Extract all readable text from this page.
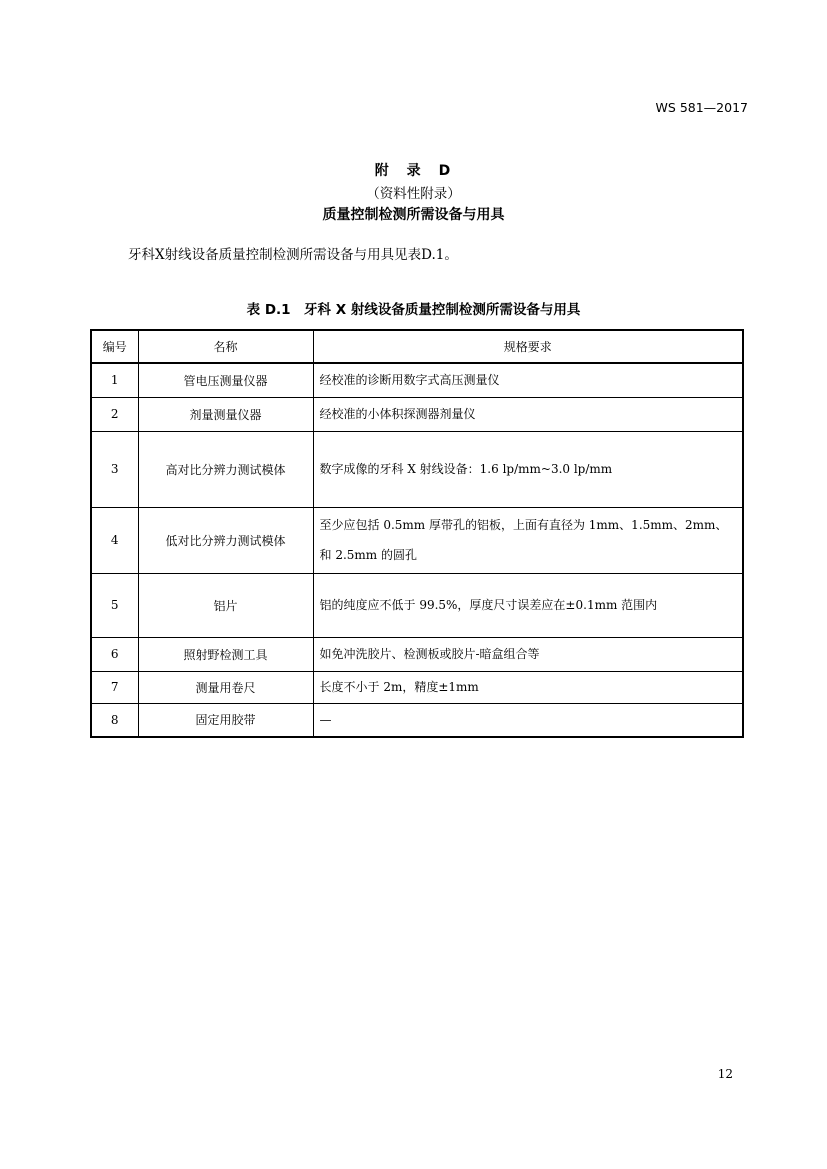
WS 581—2017
附　录　D
（资料性附录）
质量控制检测所需设备与用具
牙科X射线设备质量控制检测所需设备与用具见表D.1。
表 D.1　牙科 X 射线设备质量控制检测所需设备与用具
编号	名称	规格要求
1	管电压测量仪器	经校准的诊断用数字式高压测量仪
2	剂量测量仪器	经校准的小体积探测器剂量仪
3	高对比分辨力测试模体	数字成像的牙科 X 射线设备：1.6 lp/mm~3.0 lp/mm
4	低对比分辨力测试模体	至少应包括 0.5mm 厚带孔的铝板，上面有直径为 1mm、1.5mm、2mm、和 2.5mm 的圆孔
5	铝片	铝的纯度应不低于 99.5%，厚度尺寸误差应在±0.1mm 范围内
6	照射野检测工具	如免冲洗胶片、检测板或胶片-暗盒组合等
7	测量用卷尺	长度不小于 2m，精度±1mm
8	固定用胶带	—
12
